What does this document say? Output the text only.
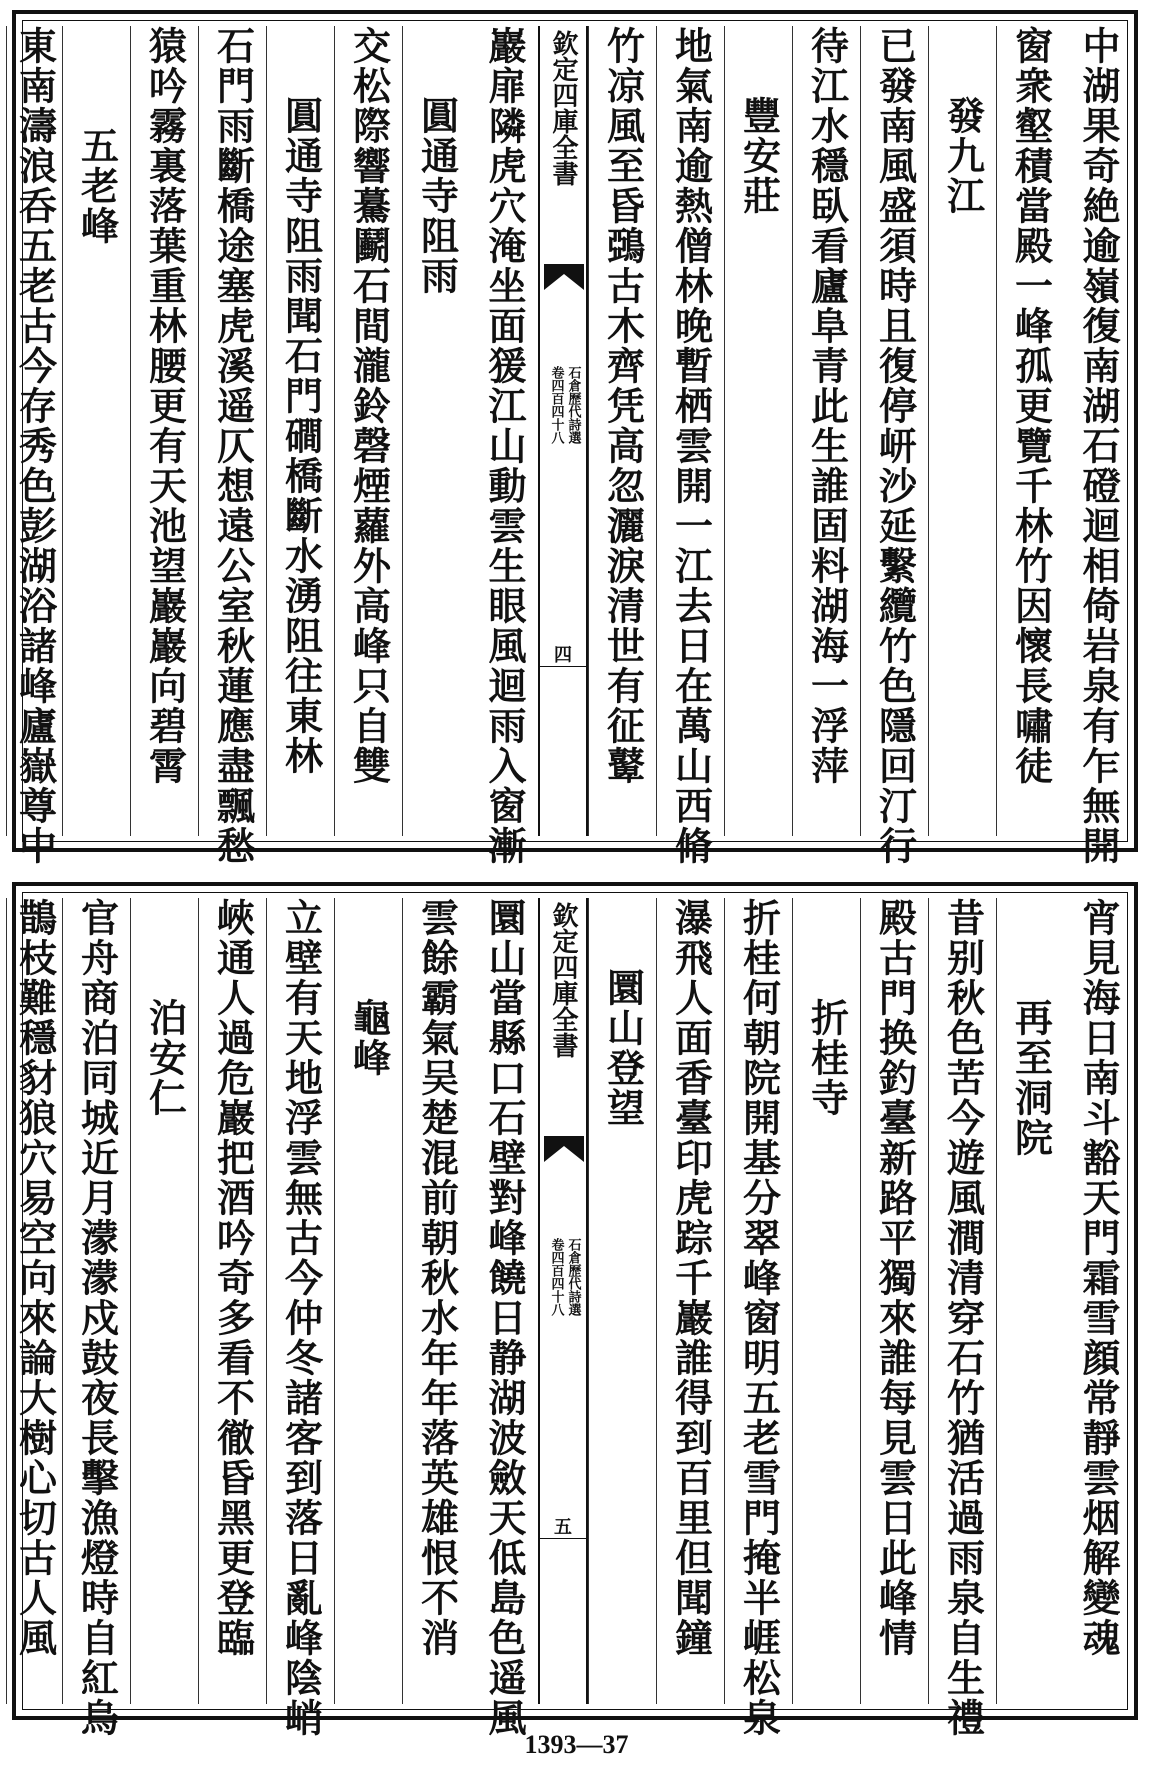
中湖果奇絶逾嶺復南湖石磴迴相倚岩泉有乍無開
窗衆壑積當殿一峰孤更覽千林竹因懷長嘯徒
發九江
已發南風盛須時且復停岍沙延繫纜竹色隱回汀行
待江水穩臥看廬阜青此生誰固料湖海一浮萍
豐安莊
地氣南逾熱僧林晚暫栖雲開一江去日在萬山西脩
竹凉風至昏鵶古木齊凭高忽灑淚清世有征鼙
欽定四庫全書
石倉歷代詩選
卷四百四十八
四
巖扉隣虎穴淹坐面猨江山動雲生眼風迴雨入窗漸
圓通寺阻雨
交松際響驀鬬石間瀧鈴磬煙蘿外高峰只自雙
圓通寺阻雨聞石門磵橋斷水湧阻往東林
石門雨斷橋途塞虎溪遥仄想遠公室秋蓮應盡飄愁
猿吟霧裏落葉重林腰更有天池望巖巖向碧霄
五老峰
東南濤浪呑五老古今存秀色彭湖浴諸峰廬嶽尊中
宵見海日南斗豁天門霜雪顔常靜雲烟解變魂
再至洞院
昔别秋色苦今遊風澗清穿石竹猶活過雨泉自生禮
殿古門换釣臺新路平獨來誰每見雲日此峰情
折桂寺
折桂何朝院開基分翠峰窗明五老雪門掩半崕松泉
瀑飛人面香臺印虎踪千巖誰得到百里但聞鐘
圜山登望
欽定四庫全書
石倉歷代詩選
卷四百四十八
五
圜山當縣口石壁對峰饒日静湖波斂天低島色遥風
雲餘霸氣吴楚混前朝秋水年年落英雄恨不消
龜峰
立壁有天地浮雲無古今仲冬諸客到落日亂峰陰峭
峽通人過危巖把酒吟奇多看不徹昏黑更登臨
泊安仁
官舟商泊同城近月濛濛戍鼓夜長擊漁燈時自紅烏
鵲枝難穩豺狼穴易空向來論大樹心切古人風
1393—37
